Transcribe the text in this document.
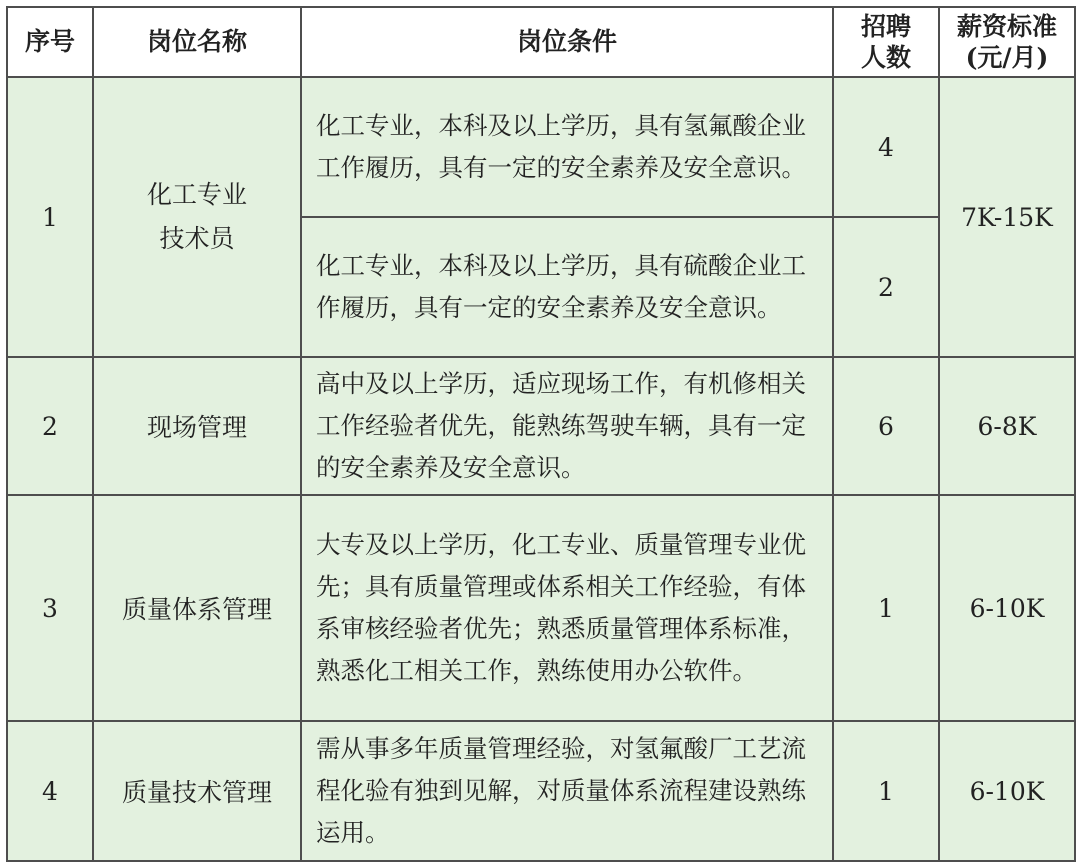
序号	岗位名称	岗位条件	招聘人数	薪资标准(元/月)
1	化工专业技术员	化工专业，本科及以上学历，具有氢氟酸企业工作履历，具有一定的安全素养及安全意识。	4	7K-15K
		化工专业，本科及以上学历，具有硫酸企业工作履历，具有一定的安全素养及安全意识。	2	
2	现场管理	高中及以上学历，适应现场工作，有机修相关工作经验者优先，能熟练驾驶车辆，具有一定的安全素养及安全意识。	6	6-8K
3	质量体系管理	大专及以上学历，化工专业、质量管理专业优先；具有质量管理或体系相关工作经验，有体系审核经验者优先；熟悉质量管理体系标准，熟悉化工相关工作，熟练使用办公软件。	1	6-10K
4	质量技术管理	需从事多年质量管理经验，对氢氟酸厂工艺流程化验有独到见解，对质量体系流程建设熟练运用。	1	6-10K
